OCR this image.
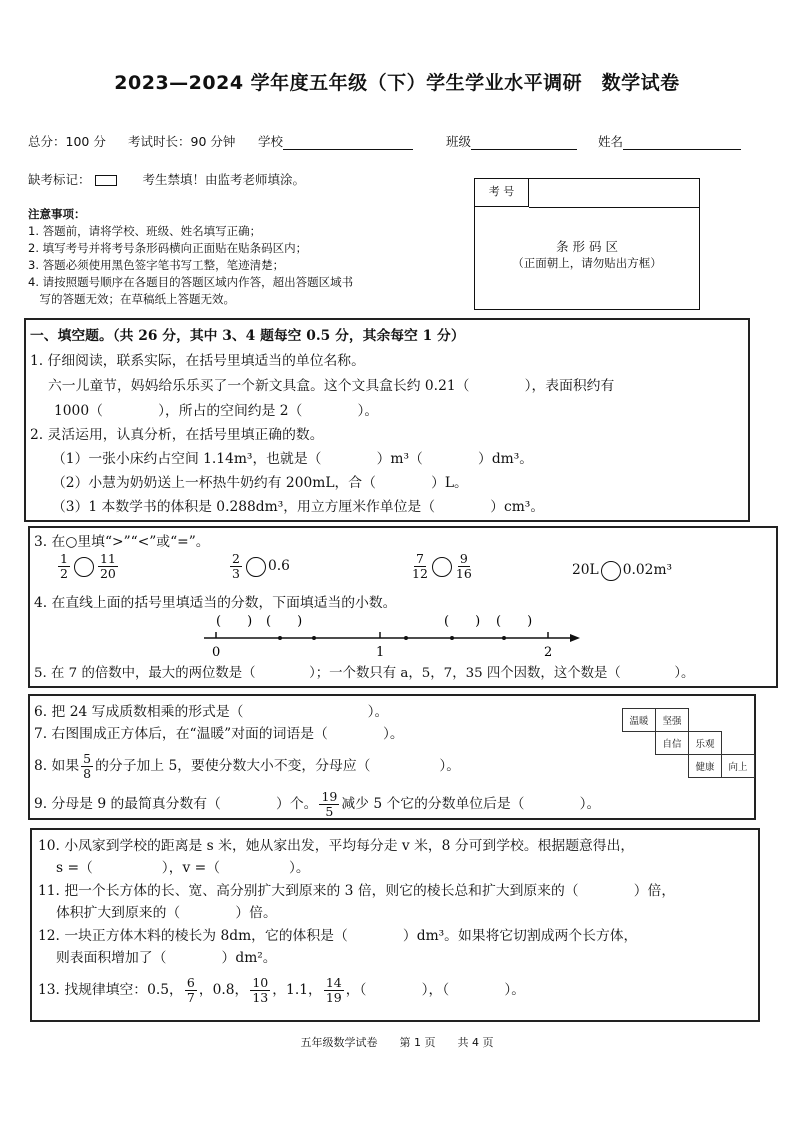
2023—2024 学年度五年级（下）学生学业水平调研　数学试卷
总分：100 分 考试时长：90 分钟 学校	班级	姓名
缺考标记：	考生禁填！由监考老师填涂。
注意事项：
1. 答题前，请将学校、班级、姓名填写正确；
2. 填写考号并将考号条形码横向正面贴在贴条码区内；
3. 答题必须使用黑色签字笔书写工整，笔迹清楚；
4. 请按照题号顺序在各题目的答题区域内作答，超出答题区域书
　写的答题无效；在草稿纸上答题无效。
考 号
条 形 码 区
（正面朝上，请勿贴出方框）
一、填空题。（共 26 分，其中 3、4 题每空 0.5 分，其余每空 1 分）
1. 仔细阅读，联系实际，在括号里填适当的单位名称。
六一儿童节，妈妈给乐乐买了一个新文具盒。这个文具盒长约 0.21（　　　　），表面积约有
1000（　　　　），所占的空间约是 2（　　　　）。
2. 灵活运用，认真分析，在括号里填正确的数。
（1）一张小床约占空间 1.14m³，也就是（　　　　）m³（　　　　）dm³。
（2）小慧为奶奶送上一杯热牛奶约有 200mL，合（　　　　）L。
（3）1 本数学书的体积是 0.288dm³，用立方厘米作单位是（　　　　）cm³。
3. 在○里填“>”“<”或“=”。
$\frac{1}{2} \frac{11}{20}$	$\frac{2}{3} 0.6$	$\frac{7}{12} \frac{9}{16}$	20L 0.02m³
4. 在直线上面的括号里填适当的分数，下面填适当的小数。
(　　) (　　)	(　　) (　　)
0	1	2
5. 在 7 的倍数中，最大的两位数是（　　　　）；一个数只有 a，5，7，35 四个因数，这个数是（　　　　）。
6. 把 24 写成质数相乘的形式是（　　　　　　　　　）。
7. 右图围成正方体后，在“温暖”对面的词语是（　　　　）。
8. 如果 $\frac{5}{8}$ 的分子加上 5，要使分数大小不变，分母应（　　　　　）。
9. 分母是 9 的最简真分数有（　　　　）个。 $\frac{19}{5}$ 减少 5 个它的分数单位后是（　　　　）。
温暖	坚强		
	自信	乐观	
		健康	向上
10. 小凤家到学校的距离是 s 米，她从家出发，平均每分走 v 米，8 分可到学校。根据题意得出，
s =（　　　　　），v =（　　　　　）。
11. 把一个长方体的长、宽、高分别扩大到原来的 3 倍，则它的棱长总和扩大到原来的（　　　　）倍，
体积扩大到原来的（　　　　）倍。
12. 一块正方体木料的棱长为 8dm，它的体积是（　　　　）dm³。如果将它切割成两个长方体，
则表面积增加了（　　　　）dm²。
13. 找规律填空：0.5， $\frac{6}{7}$ ，0.8， $\frac{10}{13}$ ，1.1， $\frac{14}{19}$ ，（　　　　），（　　　　）。
五年级数学试卷　　第 1 页　　共 4 页
